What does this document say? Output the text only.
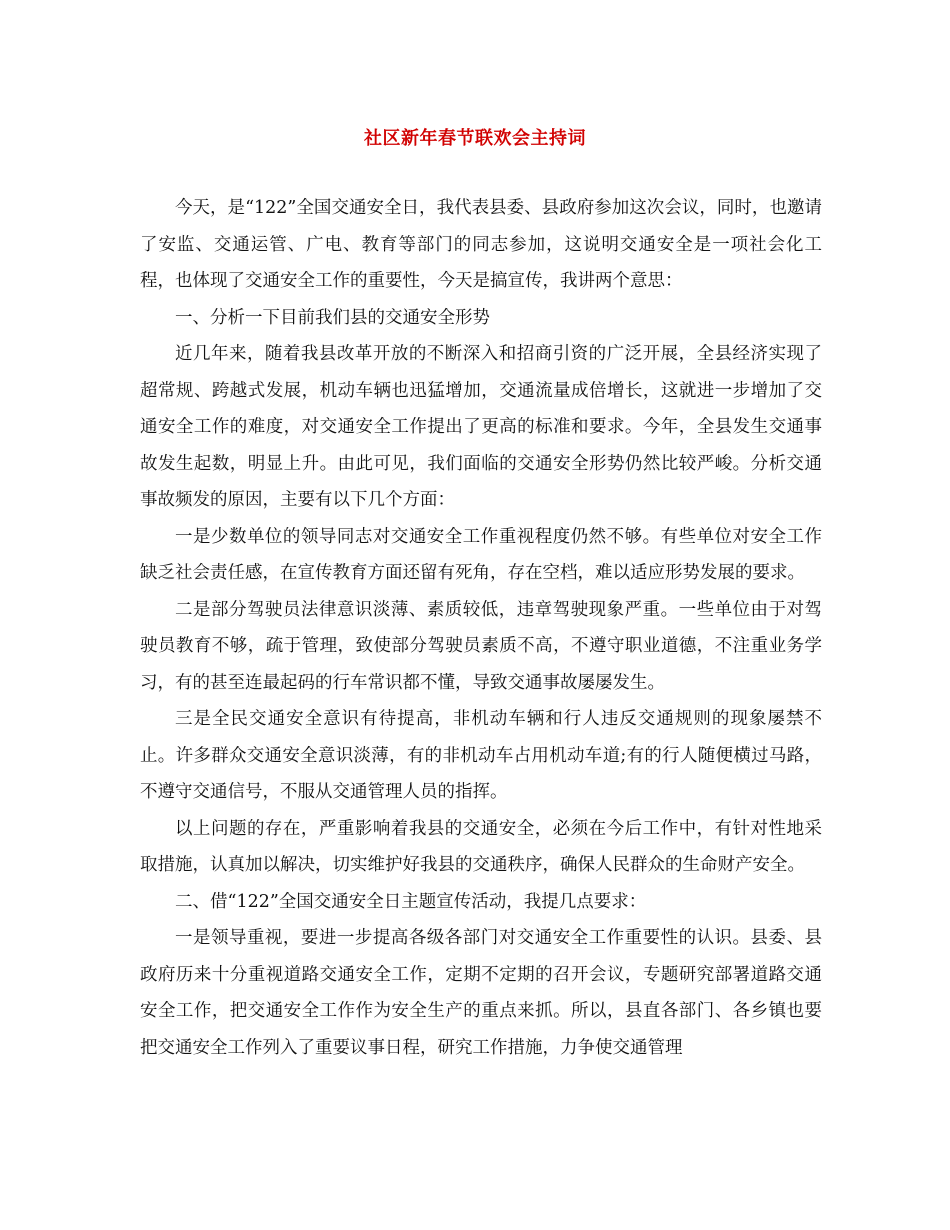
社区新年春节联欢会主持词

今天，是“122”全国交通安全日，我代表县委、县政府参加这次会议，同时，也邀请了安监、交通运管、广电、教育等部门的同志参加，这说明交通安全是一项社会化工程，也体现了交通安全工作的重要性，今天是搞宣传，我讲两个意思：

一、分析一下目前我们县的交通安全形势

近几年来，随着我县改革开放的不断深入和招商引资的广泛开展，全县经济实现了超常规、跨越式发展，机动车辆也迅猛增加，交通流量成倍增长，这就进一步增加了交通安全工作的难度，对交通安全工作提出了更高的标准和要求。今年，全县发生交通事故发生起数，明显上升。由此可见，我们面临的交通安全形势仍然比较严峻。分析交通事故频发的原因，主要有以下几个方面：

一是少数单位的领导同志对交通安全工作重视程度仍然不够。有些单位对安全工作缺乏社会责任感，在宣传教育方面还留有死角，存在空档，难以适应形势发展的要求。

二是部分驾驶员法律意识淡薄、素质较低，违章驾驶现象严重。一些单位由于对驾驶员教育不够，疏于管理，致使部分驾驶员素质不高，不遵守职业道德，不注重业务学习，有的甚至连最起码的行车常识都不懂，导致交通事故屡屡发生。

三是全民交通安全意识有待提高，非机动车辆和行人违反交通规则的现象屡禁不止。许多群众交通安全意识淡薄，有的非机动车占用机动车道;有的行人随便横过马路，不遵守交通信号，不服从交通管理人员的指挥。

以上问题的存在，严重影响着我县的交通安全，必须在今后工作中，有针对性地采取措施，认真加以解决，切实维护好我县的交通秩序，确保人民群众的生命财产安全。

二、借“122”全国交通安全日主题宣传活动，我提几点要求：

一是领导重视，要进一步提高各级各部门对交通安全工作重要性的认识。县委、县政府历来十分重视道路交通安全工作，定期不定期的召开会议，专题研究部署道路交通安全工作，把交通安全工作作为安全生产的重点来抓。所以，县直各部门、各乡镇也要把交通安全工作列入了重要议事日程，研究工作措施，力争使交通管理
